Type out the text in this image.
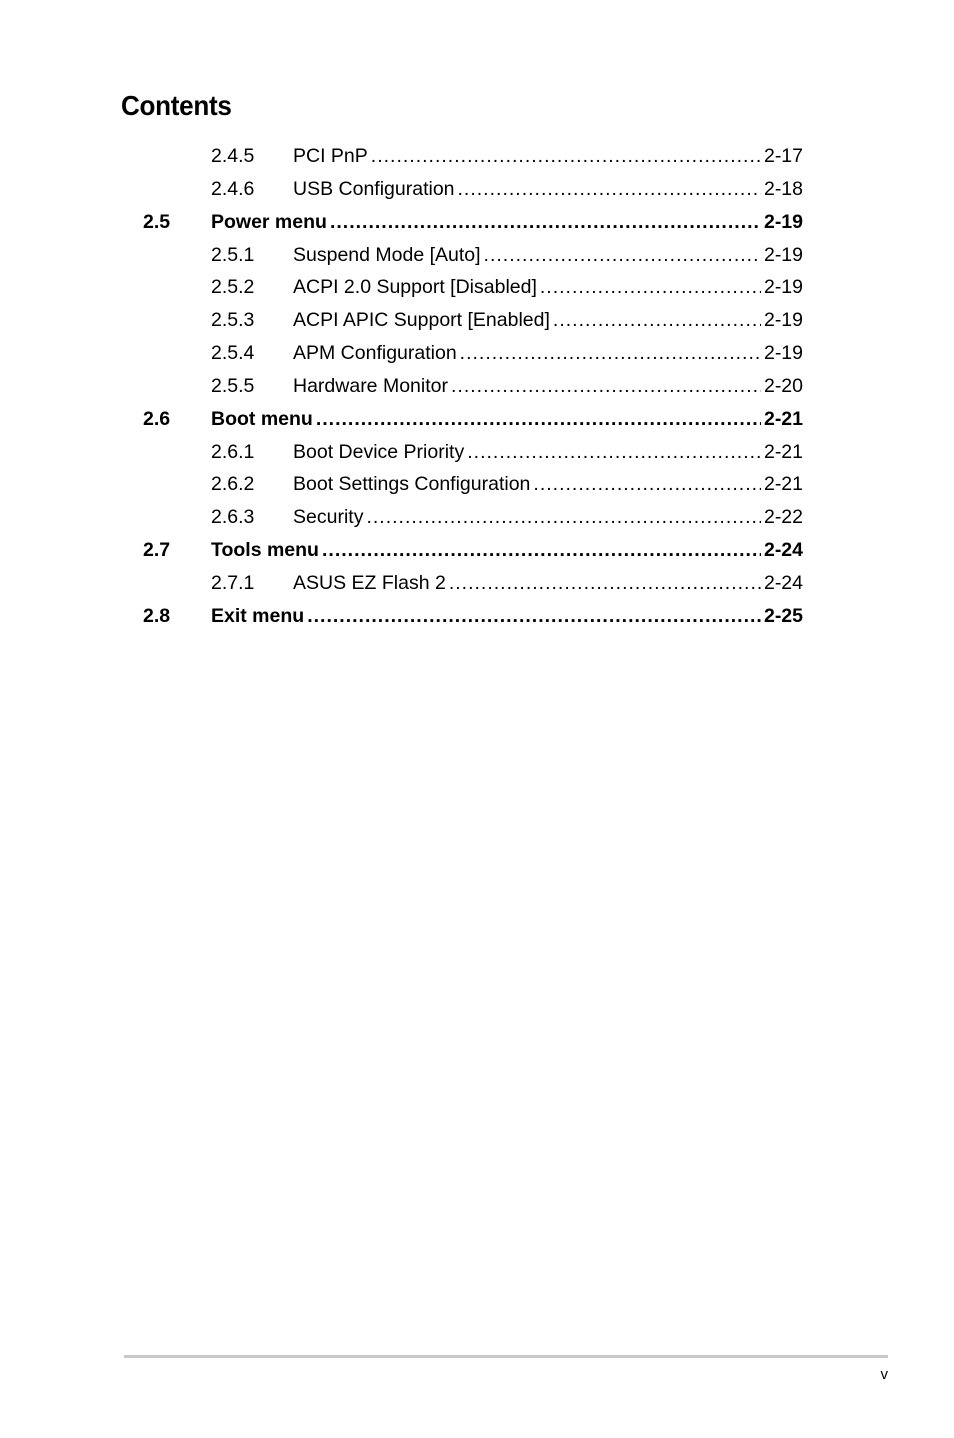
Contents
2.4.5 PCI PnP .....	2-17
2.4.6 USB Configuration .....	2-18
2.5 Power menu .....	2-19
2.5.1 Suspend Mode [Auto] .....	2-19
2.5.2 ACPI 2.0 Support [Disabled] .....	2-19
2.5.3 ACPI APIC Support [Enabled] .....	2-19
2.5.4 APM Configuration .....	2-19
2.5.5 Hardware Monitor .....	2-20
2.6 Boot menu .....	2-21
2.6.1 Boot Device Priority .....	2-21
2.6.2 Boot Settings Configuration .....	2-21
2.6.3 Security .....	2-22
2.7 Tools menu .....	2-24
2.7.1 ASUS EZ Flash 2 .....	2-24
2.8 Exit menu .....	2-25
v
